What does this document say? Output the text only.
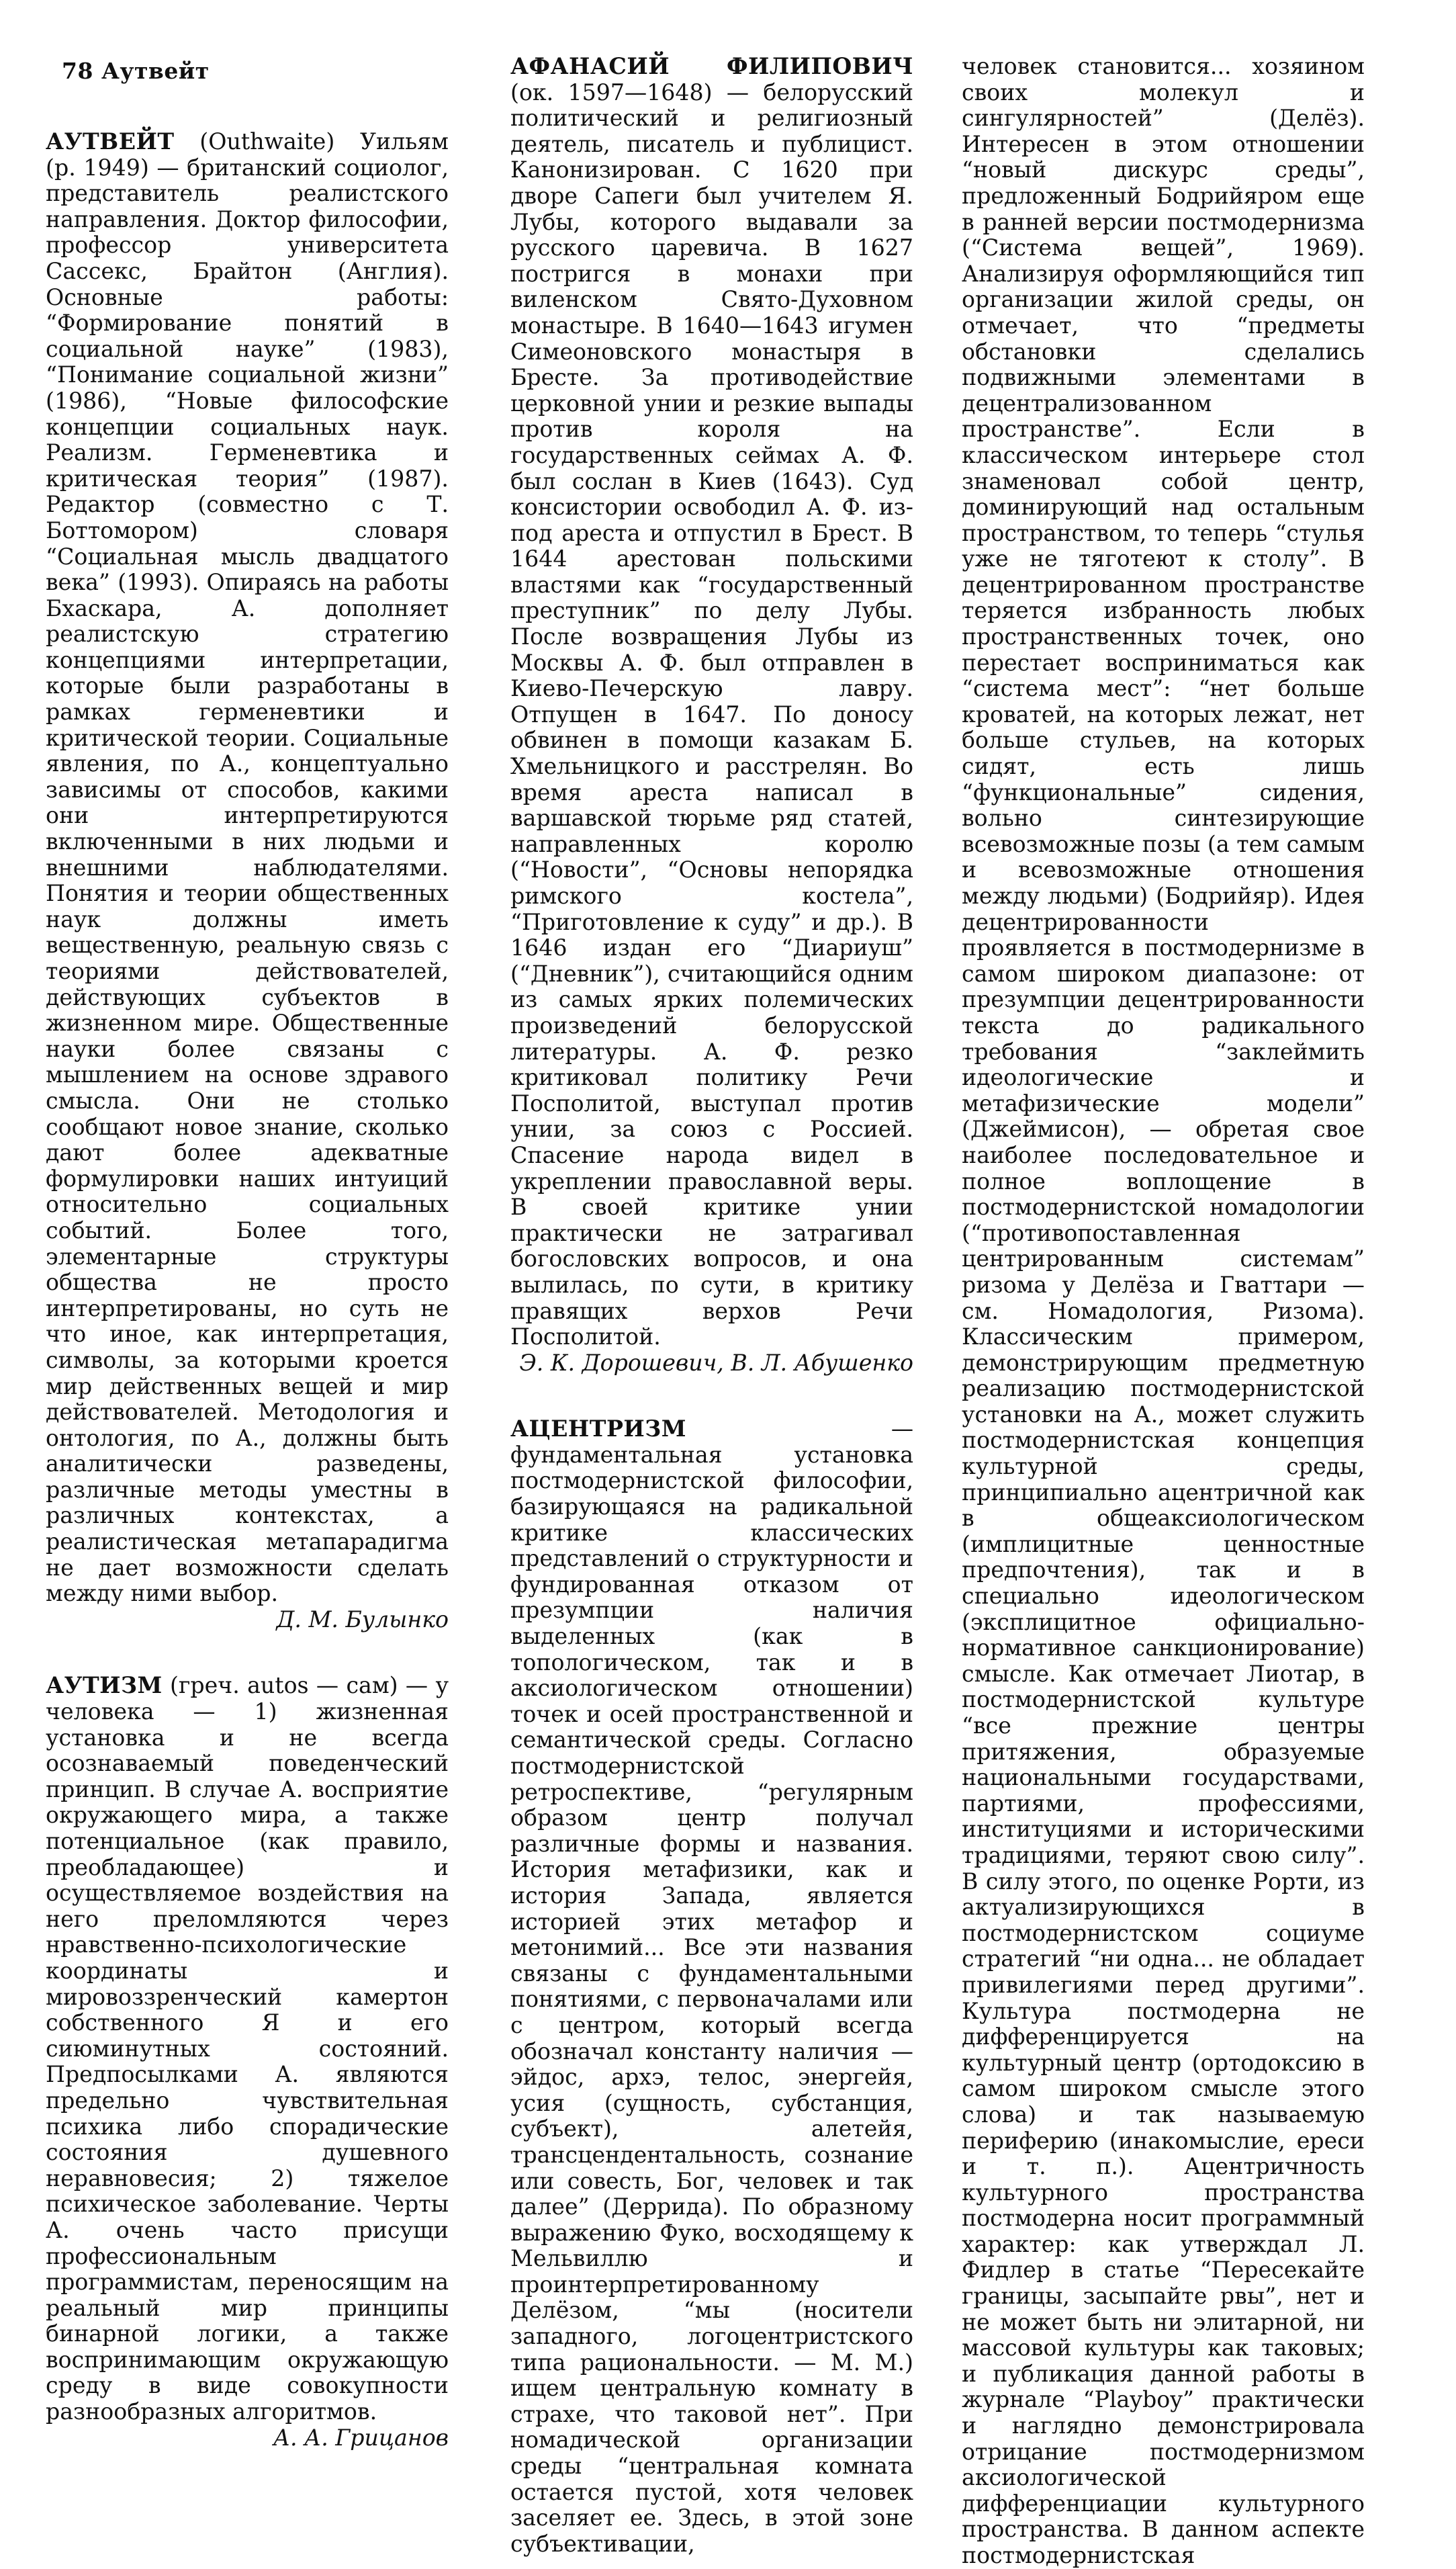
78 Аутвейт

АУТВЕЙТ (Outhwaite) Уильям (р. 1949) — британский социолог, представитель реалистского направления. Доктор философии, профессор университета Сассекс, Брайтон (Англия). Основные работы: “Формирование понятий в социальной науке” (1983), “Понимание социальной жизни” (1986), “Новые философские концепции социальных наук. Реализм. Герменевтика и критическая теория” (1987). Редактор (совместно с Т. Боттомором) словаря “Социальная мысль двадцатого века” (1993). Опираясь на работы Бхаскара, А. дополняет реалистскую стратегию концепциями интерпретации, которые были разработаны в рамках герменевтики и критической теории. Социальные явления, по А., концептуально зависимы от способов, какими они интерпретируются включенными в них людьми и внешними наблюдателями. Понятия и теории общественных наук должны иметь вещественную, реальную связь с теориями действователей, действующих субъектов в жизненном мире. Общественные науки более связаны с мышлением на основе здравого смысла. Они не столько сообщают новое знание, сколько дают более адекватные формулировки наших интуиций относительно социальных событий. Более того, элементарные структуры общества не просто интерпретированы, но суть не что иное, как интерпретация, символы, за которыми кроется мир действенных вещей и мир действователей. Методология и онтология, по А., должны быть аналитически разведены, различные методы уместны в различных контекстах, а реалистическая метапарадигма не дает возможности сделать между ними выбор.

Д. М. Булынко

АУТИЗМ (греч. autos — сам) — у человека — 1) жизненная установка и не всегда осознаваемый поведенческий принцип. В случае А. восприятие окружающего мира, а также потенциальное (как правило, преобладающее) и осуществляемое воздействия на него преломляются через нравственно-психологические координаты и мировоззренческий камертон собственного Я и его сиюминутных состояний. Предпосылками А. являются предельно чувствительная психика либо спорадические состояния душевного неравновесия; 2) тяжелое психическое заболевание. Черты А. очень часто присущи профессиональным программистам, переносящим на реальный мир принципы бинарной логики, а также воспринимающим окружающую среду в виде совокупности разнообразных алгоритмов.

А. А. Грицанов

АФАНАСИЙ ФИЛИПОВИЧ (ок. 1597—1648) — белорусский политический и религиозный деятель, писатель и публицист. Канонизирован. С 1620 при дворе Сапеги был учителем Я. Лубы, которого выдавали за русского царевича. В 1627 постригся в монахи при виленском Свято-Духовном монастыре. В 1640—1643 игумен Симеоновского монастыря в Бресте. За противодействие церковной унии и резкие выпады против короля на государственных сеймах А. Ф. был сослан в Киев (1643). Суд консистории освободил А. Ф. из-под ареста и отпустил в Брест. В 1644 арестован польскими властями как “государственный преступник” по делу Лубы. После возвращения Лубы из Москвы А. Ф. был отправлен в Киево-Печерскую лавру. Отпущен в 1647. По доносу обвинен в помощи казакам Б. Хмельницкого и расстрелян. Во время ареста написал в варшавской тюрьме ряд статей, направленных королю (“Новости”, “Основы непорядка римского костела”, “Приготовление к суду” и др.). В 1646 издан его “Диариуш” (“Дневник”), считающийся одним из самых ярких полемических произведений белорусской литературы. А. Ф. резко критиковал политику Речи Посполитой, выступал против унии, за союз с Россией. Спасение народа видел в укреплении православной веры. В своей критике унии практически не затрагивал богословских вопросов, и она вылилась, по сути, в критику правящих верхов Речи Посполитой.

Э. К. Дорошевич, В. Л. Абушенко

АЦЕНТРИЗМ	— фундаментальная установка постмодернистской философии, базирующаяся на радикальной критике классических представлений о структурности и фундированная отказом от презумпции наличия выделенных (как в топологическом, так и в аксиологическом отношении) точек и осей пространственной и семантической среды. Согласно постмодернистской ретроспективе, “регулярным образом центр получал различные формы и названия. История метафизики, как и история Запада, является историей этих метафор и метонимий... Все эти названия связаны с фундаментальными понятиями, с первоначалами или с центром, который всегда обозначал константу наличия — эйдос, архэ, телос, энергейя, усия (сущность, субстанция, субъект), алетейя, трансцендентальность, сознание или совесть, Бог, человек и так далее” (Деррида). По образному выражению Фуко, восходящему к Мельвиллю и проинтерпретированному Делёзом, “мы (носители западного, логоцентристского типа рациональности. — М. М.) ищем центральную комнату в страхе, что таковой нет”. При номадической организации среды “центральная комната остается пустой, хотя человек заселяет ее. Здесь, в этой зоне субъективации,

человек становится... хозяином своих молекул и сингулярностей” (Делёз). Интересен в этом отношении “новый дискурс среды”, предложенный Бодрийяром еще в ранней версии постмодернизма (“Система вещей”, 1969). Анализируя оформляющийся тип организации жилой среды, он отмечает, что “предметы обстановки сделались подвижными элементами в децентрализованном пространстве”. Если в классическом интерьере стол знаменовал собой центр, доминирующий над остальным пространством, то теперь “стулья уже не тяготеют к столу”. В децентрированном пространстве теряется избранность любых пространственных точек, оно перестает восприниматься как “система мест”: “нет больше кроватей, на которых лежат, нет больше стульев, на которых сидят, есть лишь “функциональные” сидения, вольно синтезирующие всевозможные позы (а тем самым и всевозможные отношения между людьми) (Бодрийяр). Идея децентрированности проявляется в постмодернизме в самом широком диапазоне: от презумпции децентрированности текста до радикального требования “заклеймить идеологические и метафизические модели” (Джеймисон), — обретая свое наиболее последовательное и полное воплощение в постмодернистской номадологии (“противопоставленная центрированным системам” ризома у Делёза и Гваттари — см. Номадология, Ризома). Классическим примером, демонстрирующим предметную реализацию постмодернистской установки на А., может служить постмодернистская концепция культурной среды, принципиально ацентричной как в общеаксиологическом (имплицитные ценностные предпочтения), так и в специально идеологическом (эксплицитное официально-нормативное санкционирование) смысле. Как отмечает Лиотар, в постмодернистской культуре “все прежние центры притяжения, образуемые национальными государствами, партиями, профессиями, институциями и историческими традициями, теряют свою силу”. В силу этого, по оценке Рорти, из актуализирующихся в постмодернистском социуме стратегий “ни одна... не обладает привилегиями перед другими”. Культура постмодерна не дифференцируется на культурный центр (ортодоксию в самом широком смысле этого слова) и так называемую периферию (инакомыслие, ереси и т. п.). Ацентричность культурного пространства постмодерна носит программный характер: как утверждал Л. Фидлер в статье “Пересекайте границы, засыпайте рвы”, нет и не может быть ни элитарной, ни массовой культуры как таковых; и публикация данной работы в журнале “Playboy” практически и наглядно демонстрировала отрицание постмодернизмом аксиологической дифференциации культурного пространства. В данном аспекте постмодернистская
